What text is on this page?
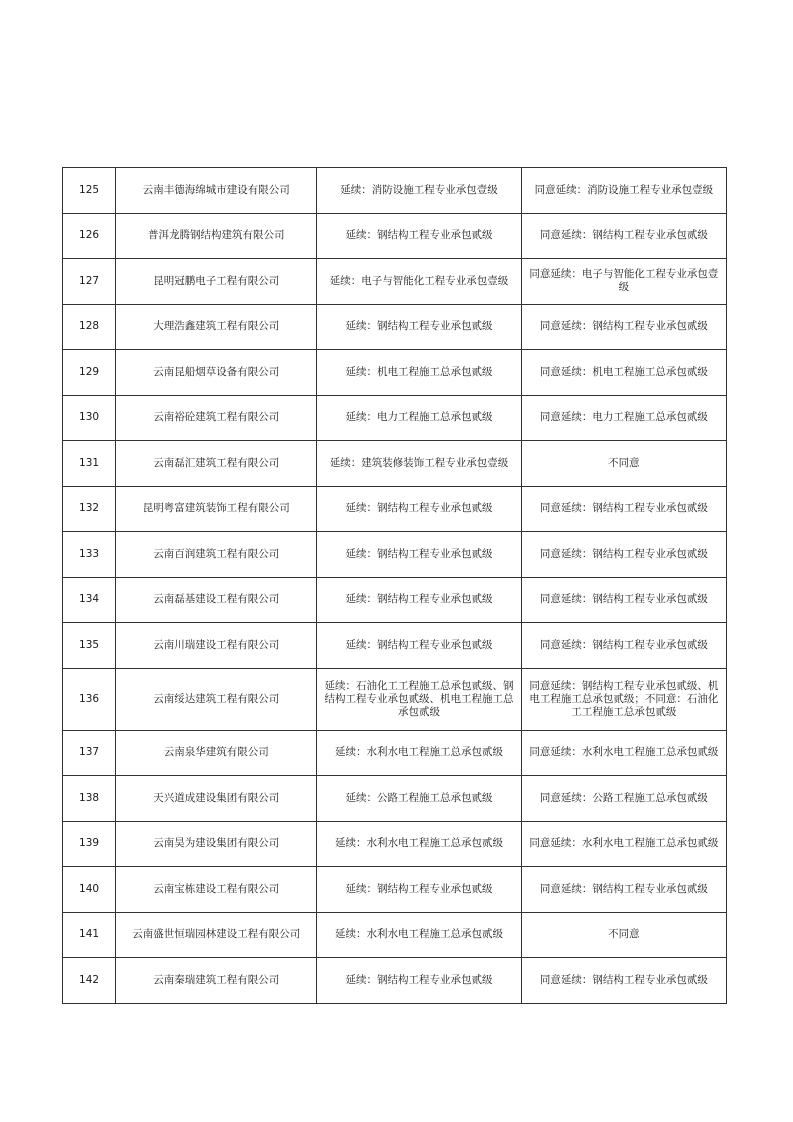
125	云南丰德海绵城市建设有限公司	延续：消防设施工程专业承包壹级	同意延续：消防设施工程专业承包壹级
126	普洱龙腾钢结构建筑有限公司	延续：钢结构工程专业承包贰级	同意延续：钢结构工程专业承包贰级
127	昆明冠鹏电子工程有限公司	延续：电子与智能化工程专业承包壹级	同意延续：电子与智能化工程专业承包壹级
128	大理浩鑫建筑工程有限公司	延续：钢结构工程专业承包贰级	同意延续：钢结构工程专业承包贰级
129	云南昆船烟草设备有限公司	延续：机电工程施工总承包贰级	同意延续：机电工程施工总承包贰级
130	云南裕砼建筑工程有限公司	延续：电力工程施工总承包贰级	同意延续：电力工程施工总承包贰级
131	云南磊汇建筑工程有限公司	延续：建筑装修装饰工程专业承包壹级	不同意
132	昆明粤富建筑装饰工程有限公司	延续：钢结构工程专业承包贰级	同意延续：钢结构工程专业承包贰级
133	云南百润建筑工程有限公司	延续：钢结构工程专业承包贰级	同意延续：钢结构工程专业承包贰级
134	云南磊基建设工程有限公司	延续：钢结构工程专业承包贰级	同意延续：钢结构工程专业承包贰级
135	云南川瑞建设工程有限公司	延续：钢结构工程专业承包贰级	同意延续：钢结构工程专业承包贰级
136	云南绥达建筑工程有限公司	延续：石油化工工程施工总承包贰级、钢结构工程专业承包贰级、机电工程施工总承包贰级	同意延续：钢结构工程专业承包贰级、机电工程施工总承包贰级；不同意：石油化工工程施工总承包贰级
137	云南泉华建筑有限公司	延续：水利水电工程施工总承包贰级	同意延续：水利水电工程施工总承包贰级
138	天兴道成建设集团有限公司	延续：公路工程施工总承包贰级	同意延续：公路工程施工总承包贰级
139	云南昊为建设集团有限公司	延续：水利水电工程施工总承包贰级	同意延续：水利水电工程施工总承包贰级
140	云南宝栋建设工程有限公司	延续：钢结构工程专业承包贰级	同意延续：钢结构工程专业承包贰级
141	云南盛世恒瑞园林建设工程有限公司	延续：水利水电工程施工总承包贰级	不同意
142	云南秦瑞建筑工程有限公司	延续：钢结构工程专业承包贰级	同意延续：钢结构工程专业承包贰级
